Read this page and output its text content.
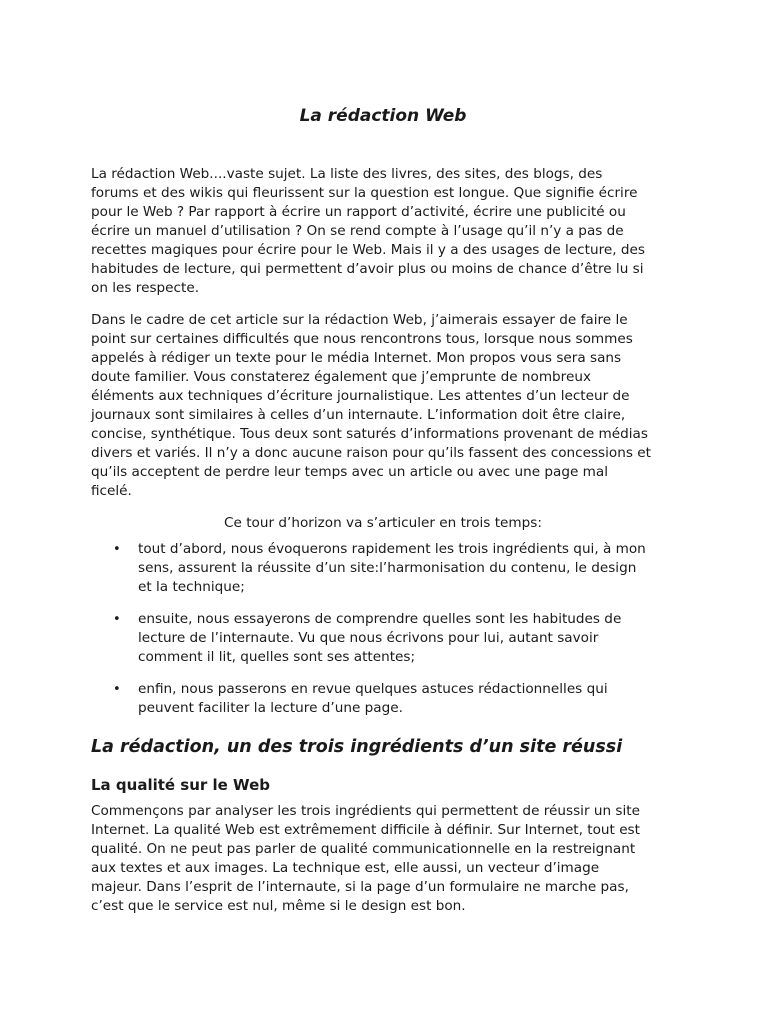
La rédaction Web
La rédaction Web....vaste sujet. La liste des livres, des sites, des blogs, des
forums et des wikis qui fleurissent sur la question est longue. Que signifie écrire
pour le Web ? Par rapport à écrire un rapport d’activité, écrire une publicité ou
écrire un manuel d’utilisation ? On se rend compte à l’usage qu’il n’y a pas de
recettes magiques pour écrire pour le Web. Mais il y a des usages de lecture, des
habitudes de lecture, qui permettent d’avoir plus ou moins de chance d’être lu si
on les respecte.
Dans le cadre de cet article sur la rédaction Web, j’aimerais essayer de faire le
point sur certaines difficultés que nous rencontrons tous, lorsque nous sommes
appelés à rédiger un texte pour le média Internet. Mon propos vous sera sans
doute familier. Vous constaterez également que j’emprunte de nombreux
éléments aux techniques d’écriture journalistique. Les attentes d’un lecteur de
journaux sont similaires à celles d’un internaute. L’information doit être claire,
concise, synthétique. Tous deux sont saturés d’informations provenant de médias
divers et variés. Il n’y a donc aucune raison pour qu’ils fassent des concessions et
qu’ils acceptent de perdre leur temps avec un article ou avec une page mal
ficelé.

Ce tour d’horizon va s’articuler en trois temps:

• tout d’abord, nous évoquerons rapidement les trois ingrédients qui, à mon
sens, assurent la réussite d’un site:l’harmonisation du contenu, le design
et la technique;
• ensuite, nous essayerons de comprendre quelles sont les habitudes de
lecture de l’internaute. Vu que nous écrivons pour lui, autant savoir
comment il lit, quelles sont ses attentes;
• enfin, nous passerons en revue quelques astuces rédactionnelles qui
peuvent faciliter la lecture d’une page.
La rédaction, un des trois ingrédients d’un site réussi
La qualité sur le Web
Commençons par analyser les trois ingrédients qui permettent de réussir un site
Internet. La qualité Web est extrêmement difficile à définir. Sur Internet, tout est
qualité. On ne peut pas parler de qualité communicationnelle en la restreignant
aux textes et aux images. La technique est, elle aussi, un vecteur d’image
majeur. Dans l’esprit de l’internaute, si la page d’un formulaire ne marche pas,
c’est que le service est nul, même si le design est bon.
